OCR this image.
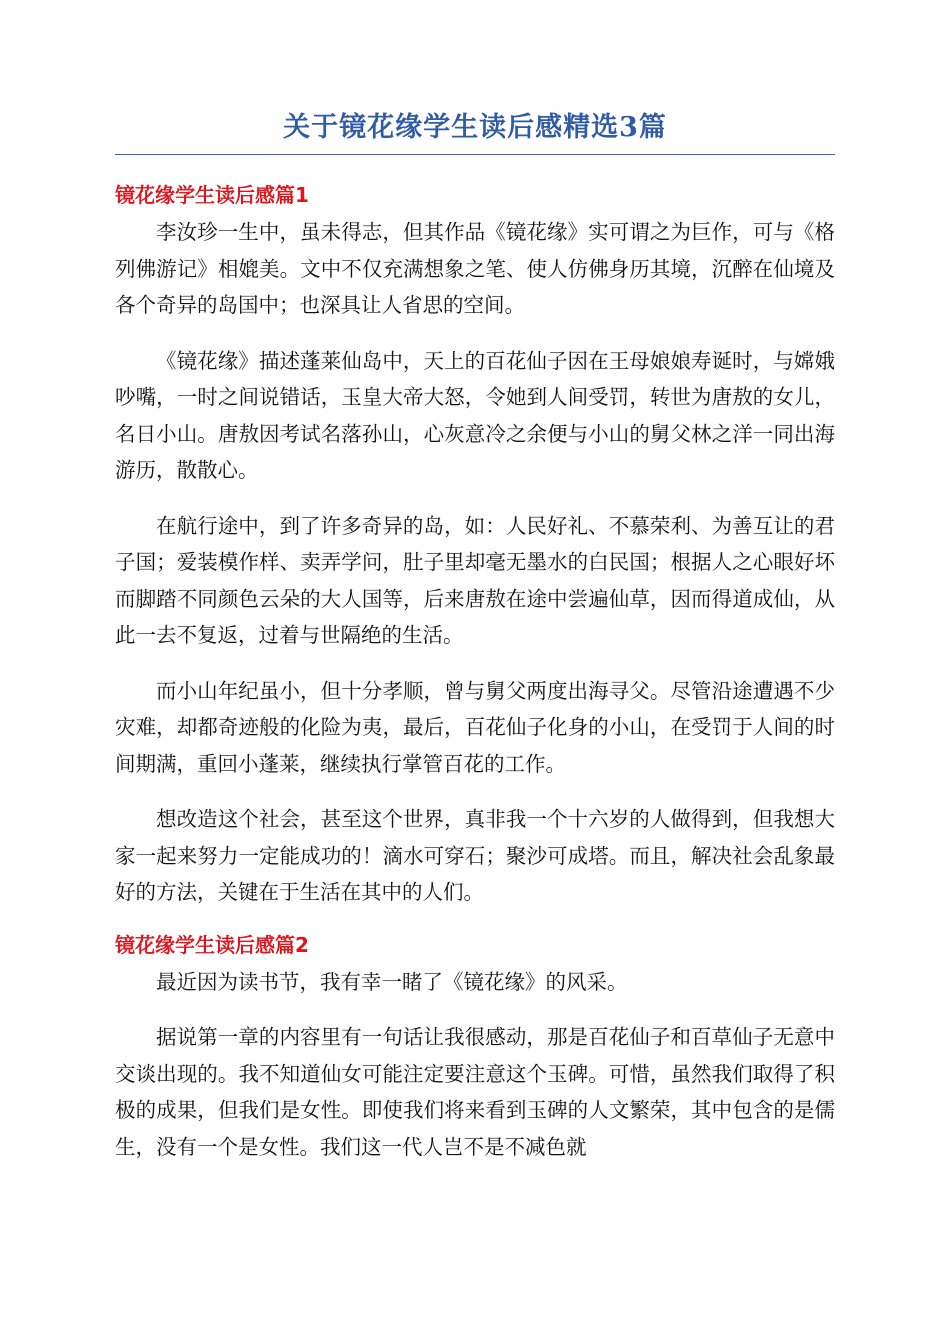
关于镜花缘学生读后感精选3篇
镜花缘学生读后感篇1

李汝珍一生中，虽未得志，但其作品《镜花缘》实可谓之为巨作，可与《格列佛游记》相媲美。文中不仅充满想象之笔、使人仿佛身历其境，沉醉在仙境及各个奇异的岛国中；也深具让人省思的空间。

《镜花缘》描述蓬莱仙岛中，天上的百花仙子因在王母娘娘寿诞时，与嫦娥吵嘴，一时之间说错话，玉皇大帝大怒，令她到人间受罚，转世为唐敖的女儿，名日小山。唐敖因考试名落孙山，心灰意冷之余便与小山的舅父林之洋一同出海游历，散散心。

在航行途中，到了许多奇异的岛，如：人民好礼、不慕荣利、为善互让的君子国；爱装模作样、卖弄学问，肚子里却毫无墨水的白民国；根据人之心眼好坏而脚踏不同颜色云朵的大人国等，后来唐敖在途中尝遍仙草，因而得道成仙，从此一去不复返，过着与世隔绝的生活。

而小山年纪虽小，但十分孝顺，曾与舅父两度出海寻父。尽管沿途遭遇不少灾难，却都奇迹般的化险为夷，最后，百花仙子化身的小山，在受罚于人间的时间期满，重回小蓬莱，继续执行掌管百花的工作。

想改造这个社会，甚至这个世界，真非我一个十六岁的人做得到，但我想大家一起来努力一定能成功的！滴水可穿石；聚沙可成塔。而且，解决社会乱象最好的方法，关键在于生活在其中的人们。

镜花缘学生读后感篇2

最近因为读书节，我有幸一睹了《镜花缘》的风采。

据说第一章的内容里有一句话让我很感动，那是百花仙子和百草仙子无意中交谈出现的。我不知道仙女可能注定要注意这个玉碑。可惜，虽然我们取得了积极的成果，但我们是女性。即使我们将来看到玉碑的人文繁荣，其中包含的是儒生，没有一个是女性。我们这一代人岂不是不减色就
